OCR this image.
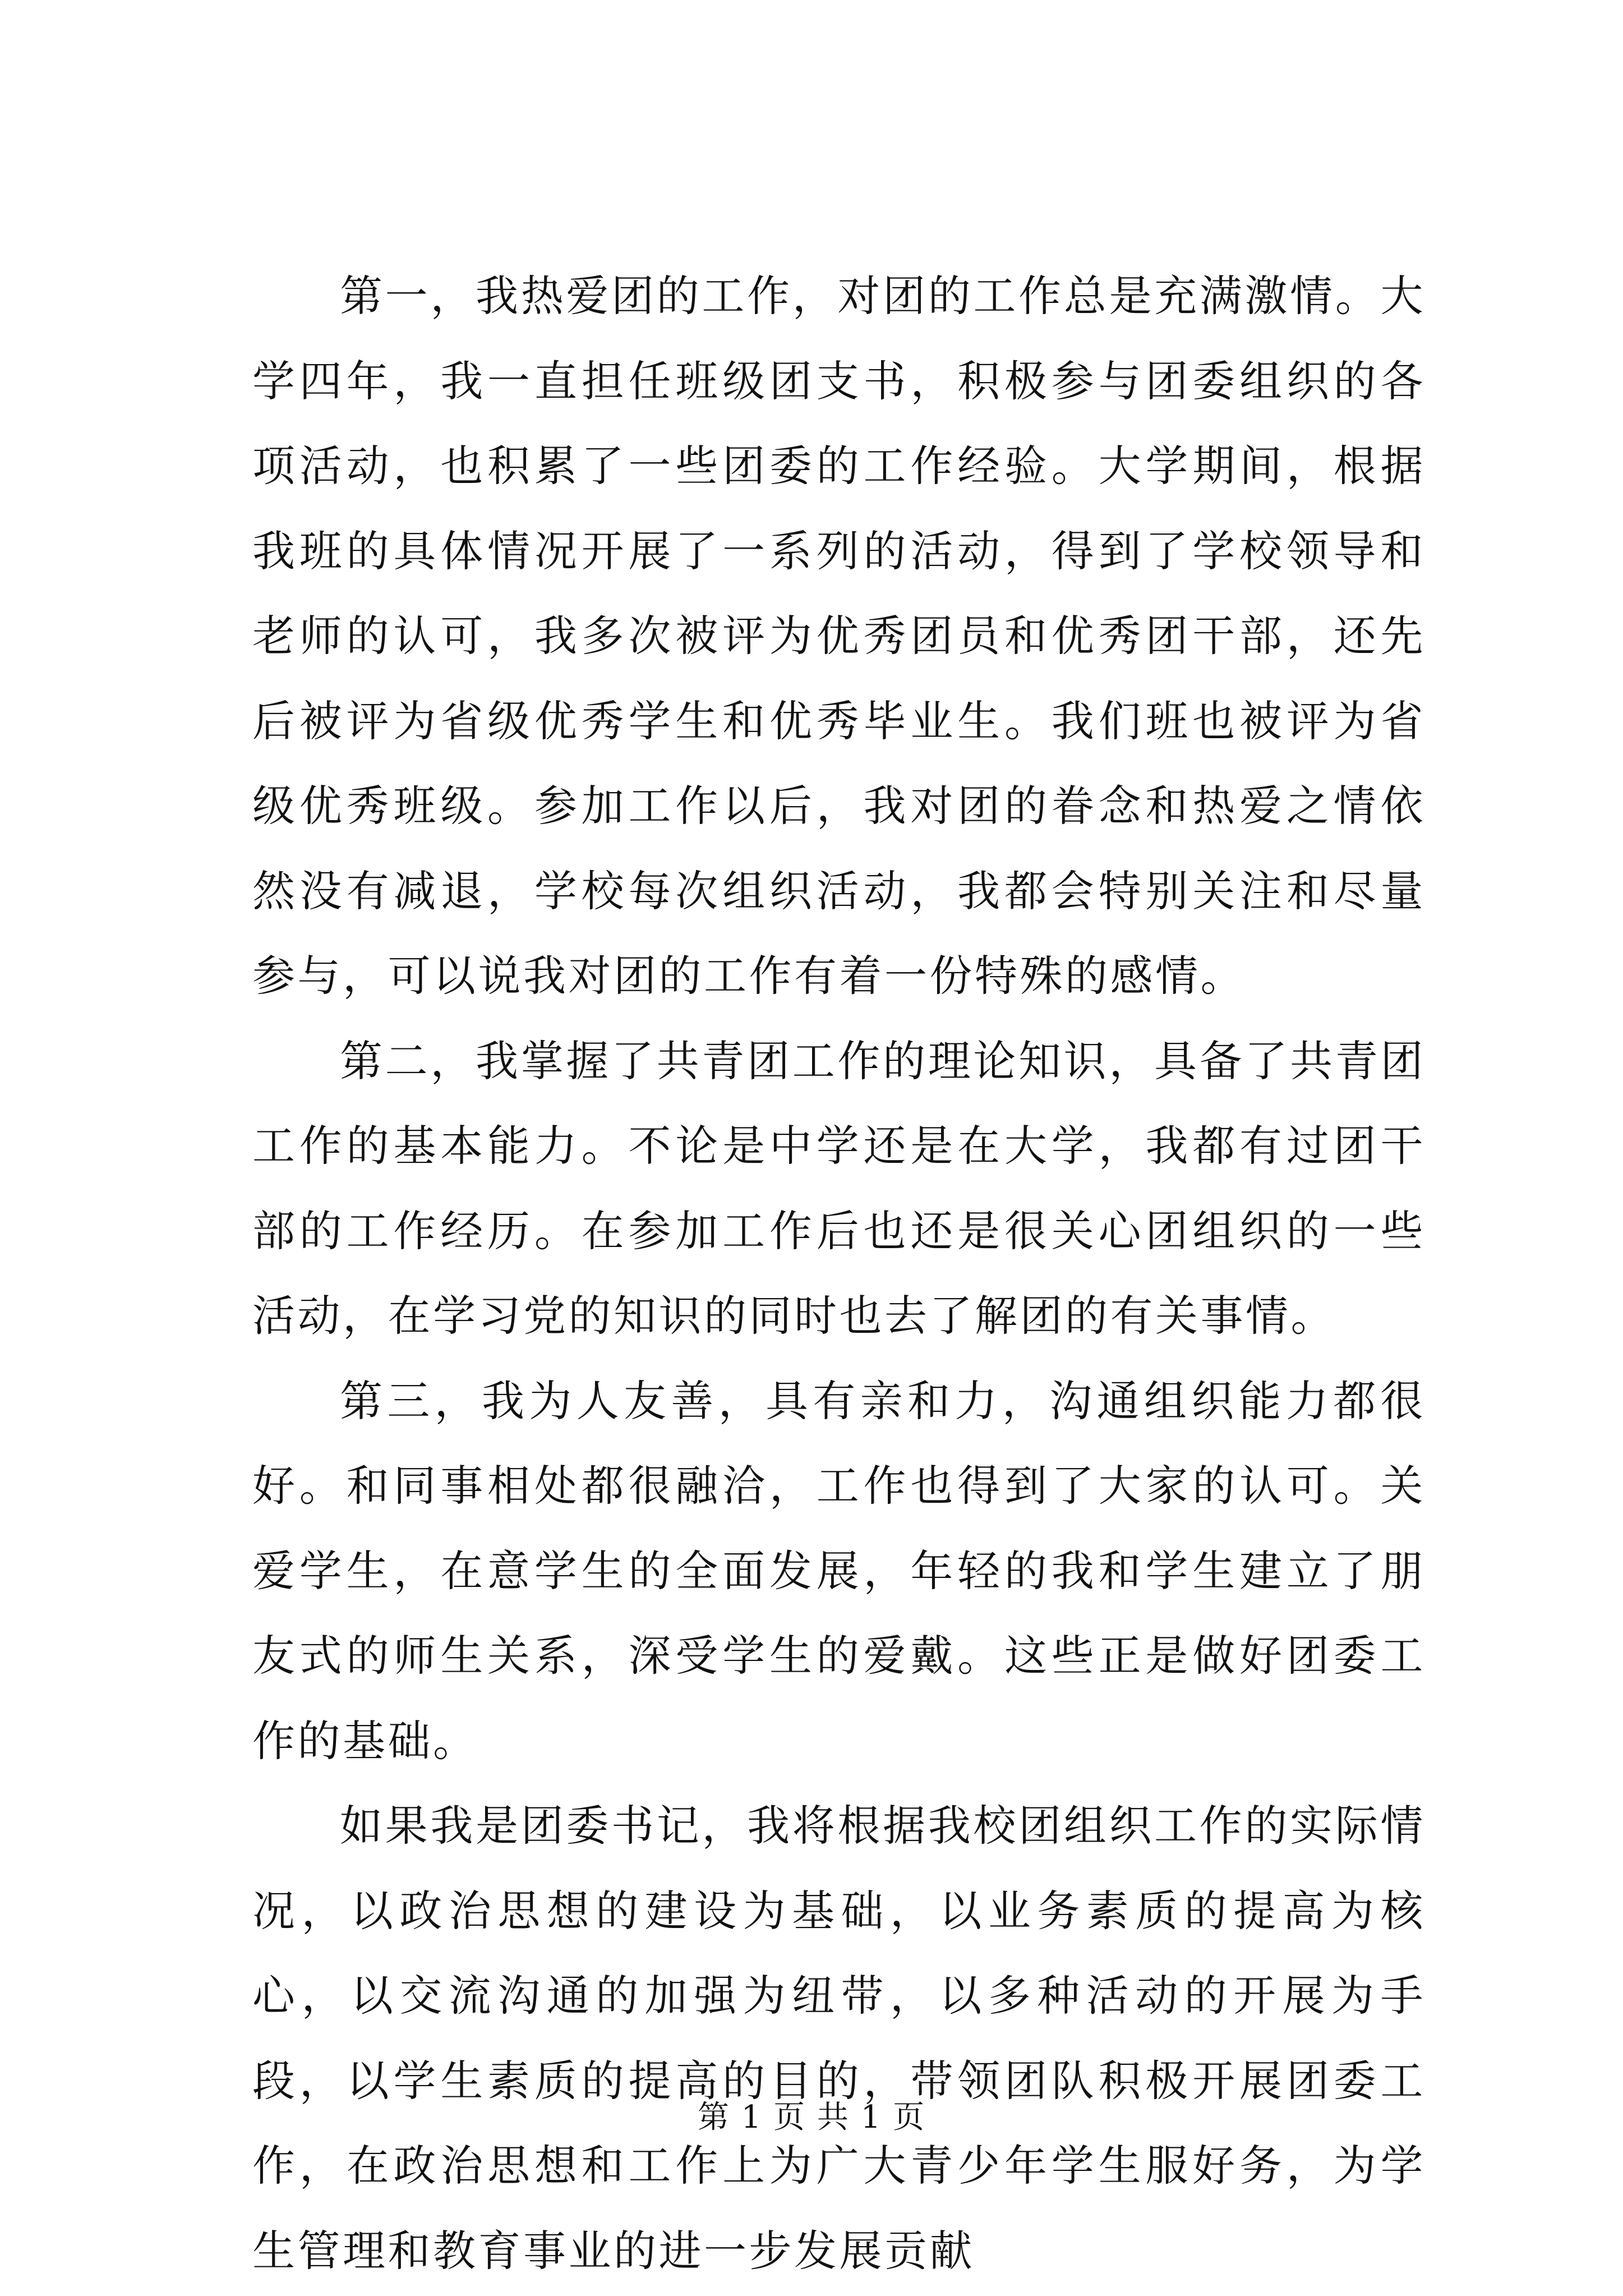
第一，我热爱团的工作，对团的工作总是充满激情。大学四年，我一直担任班级团支书，积极参与团委组织的各项活动，也积累了一些团委的工作经验。大学期间，根据我班的具体情况开展了一系列的活动，得到了学校领导和老师的认可，我多次被评为优秀团员和优秀团干部，还先后被评为省级优秀学生和优秀毕业生。我们班也被评为省级优秀班级。参加工作以后，我对团的眷念和热爱之情依然没有减退，学校每次组织活动，我都会特别关注和尽量参与，可以说我对团的工作有着一份特殊的感情。

第二，我掌握了共青团工作的理论知识，具备了共青团工作的基本能力。不论是中学还是在大学，我都有过团干部的工作经历。在参加工作后也还是很关心团组织的一些活动，在学习党的知识的同时也去了解团的有关事情。

第三，我为人友善，具有亲和力，沟通组织能力都很好。和同事相处都很融洽，工作也得到了大家的认可。关爱学生，在意学生的全面发展，年轻的我和学生建立了朋友式的师生关系，深受学生的爱戴。这些正是做好团委工作的基础。

如果我是团委书记，我将根据我校团组织工作的实际情况，以政治思想的建设为基础，以业务素质的提高为核心，以交流沟通的加强为纽带，以多种活动的开展为手段，以学生素质的提高的目的，带领团队积极开展团委工作，在政治思想和工作上为广大青少年学生服好务，为学生管理和教育事业的进一步发展贡献

第 1 页 共 1 页
